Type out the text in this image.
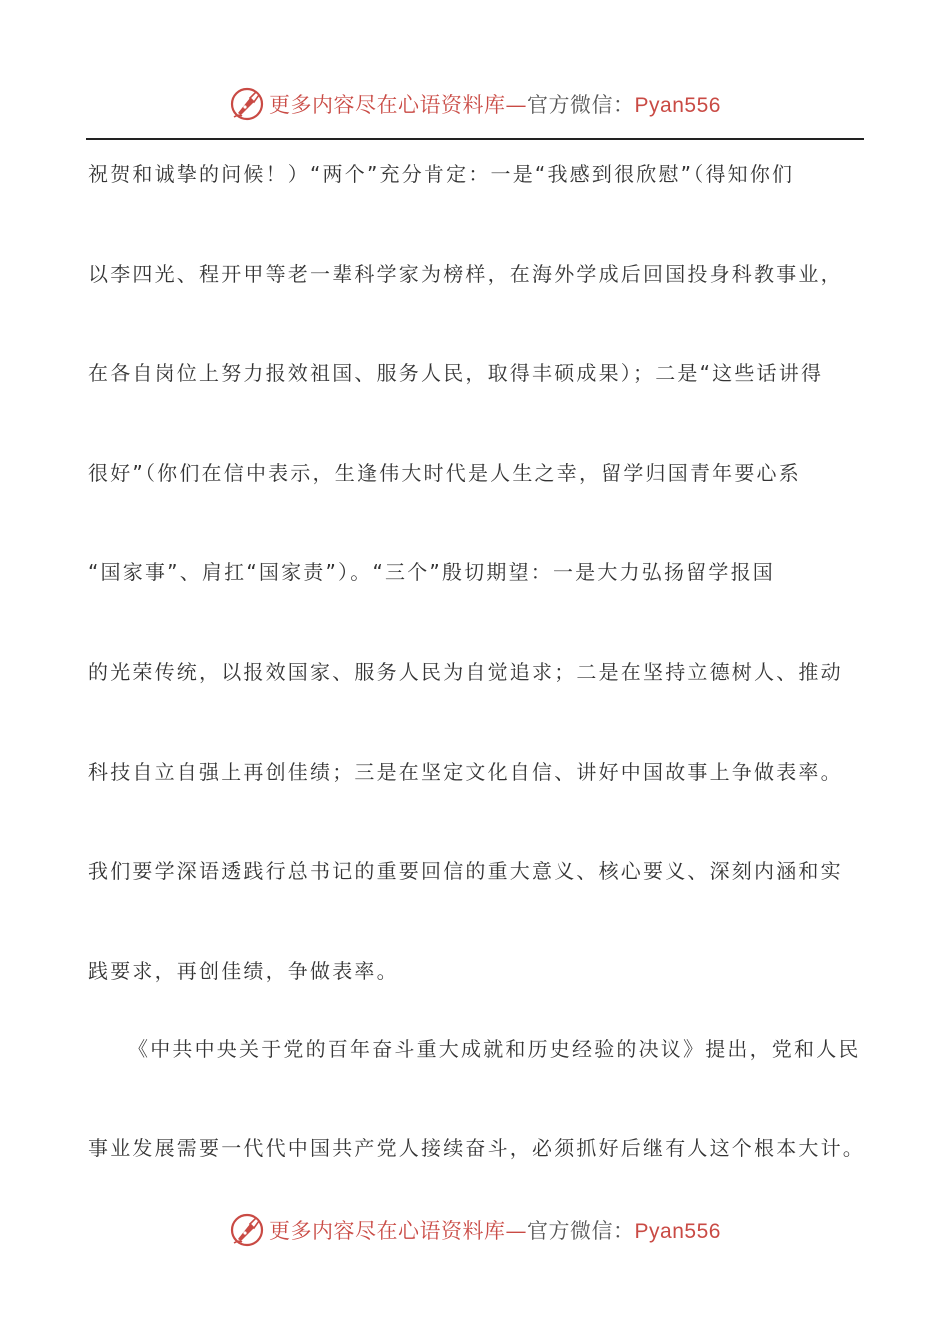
更多内容尽在心语资料库—官方微信：Pyan556
祝贺和诚挚的问候！）“两个”充分肯定：一是“我感到很欣慰”（得知你们
以李四光、程开甲等老一辈科学家为榜样，在海外学成后回国投身科教事业，
在各自岗位上努力报效祖国、服务人民，取得丰硕成果）；二是“这些话讲得
很好”（你们在信中表示，生逢伟大时代是人生之幸，留学归国青年要心系
“国家事”、肩扛“国家责”）。“三个”殷切期望：一是大力弘扬留学报国
的光荣传统，以报效国家、服务人民为自觉追求；二是在坚持立德树人、推动
科技自立自强上再创佳绩；三是在坚定文化自信、讲好中国故事上争做表率。
我们要学深语透践行总书记的重要回信的重大意义、核心要义、深刻内涵和实
践要求，再创佳绩，争做表率。
《中共中央关于党的百年奋斗重大成就和历史经验的决议》提出，党和人民
事业发展需要一代代中国共产党人接续奋斗，必须抓好后继有人这个根本大计。
更多内容尽在心语资料库—官方微信：Pyan556
